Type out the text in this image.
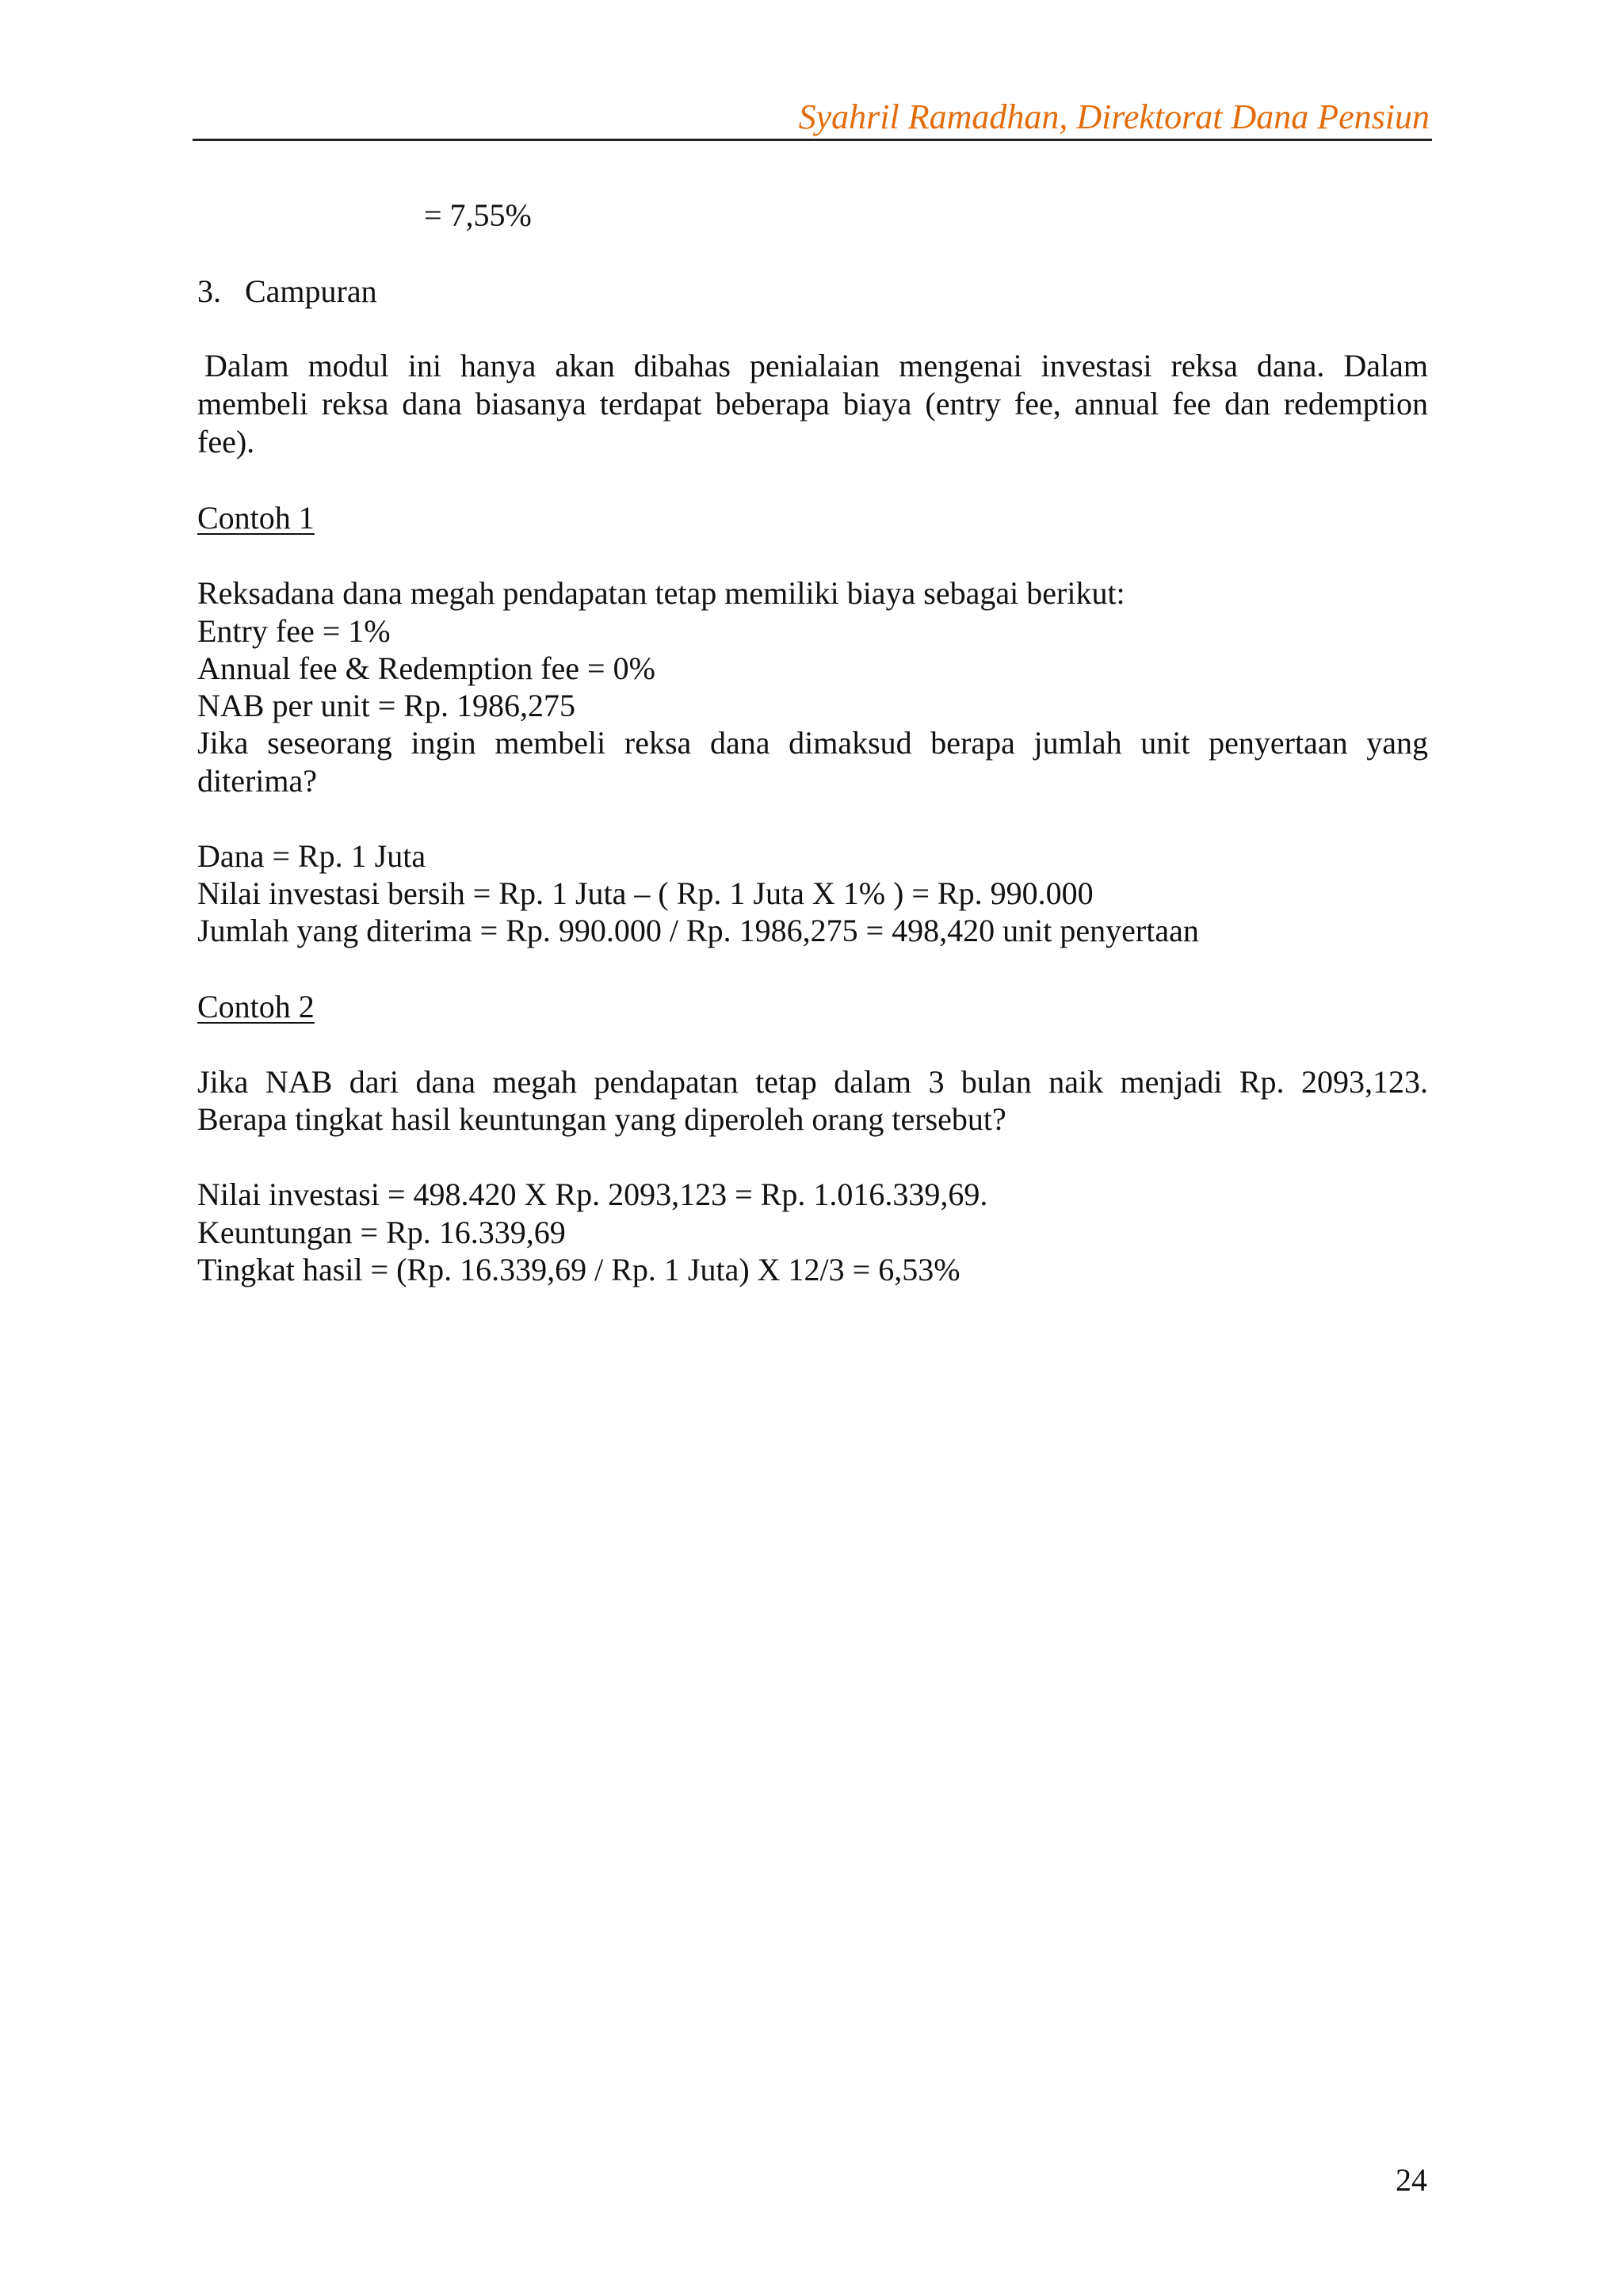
Syahril Ramadhan, Direktorat Dana Pensiun
= 7,55%
3. Campuran
Dalam modul ini hanya akan dibahas penialaian mengenai investasi reksa dana. Dalam
membeli reksa dana biasanya terdapat beberapa biaya (entry fee, annual fee dan redemption
fee).
Contoh 1
Reksadana dana megah pendapatan tetap memiliki biaya sebagai berikut:
Entry fee = 1%
Annual fee & Redemption fee = 0%
NAB per unit = Rp. 1986,275
Jika seseorang ingin membeli reksa dana dimaksud berapa jumlah unit penyertaan yang
diterima?
Dana = Rp. 1 Juta
Nilai investasi bersih = Rp. 1 Juta – ( Rp. 1 Juta X 1% ) = Rp. 990.000
Jumlah yang diterima = Rp. 990.000 / Rp. 1986,275 = 498,420 unit penyertaan
Contoh 2
Jika NAB dari dana megah pendapatan tetap dalam 3 bulan naik menjadi Rp. 2093,123.
Berapa tingkat hasil keuntungan yang diperoleh orang tersebut?
Nilai investasi = 498.420 X Rp. 2093,123 = Rp. 1.016.339,69.
Keuntungan = Rp. 16.339,69
Tingkat hasil = (Rp. 16.339,69 / Rp. 1 Juta) X 12/3 = 6,53%
24
